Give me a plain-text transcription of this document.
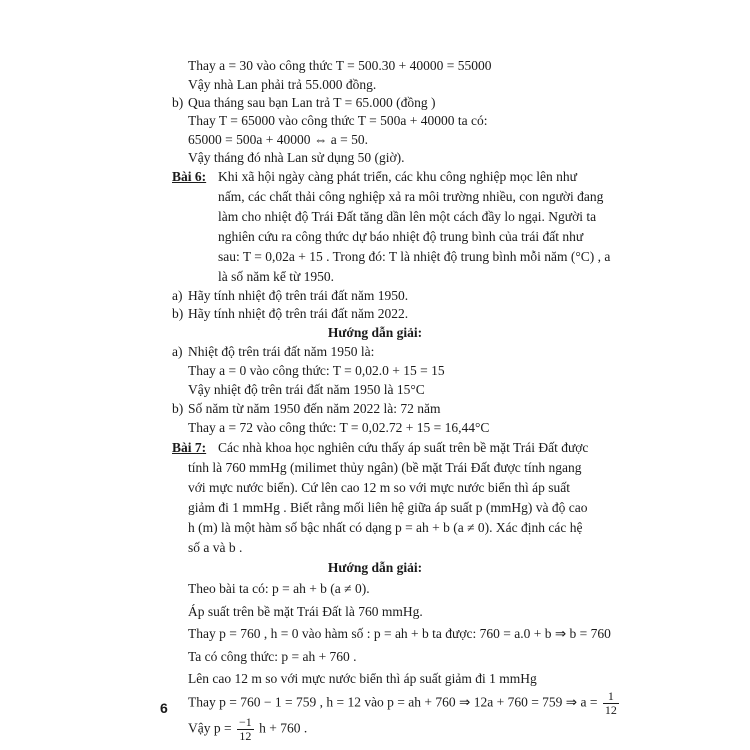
Thay a = 30 vào công thức T = 500.30 + 40000 = 55000
Vậy nhà Lan phải trả 55.000 đồng.
b) Qua tháng sau bạn Lan trả T = 65.000 (đồng )
Thay T = 65000 vào công thức T = 500a + 40000 ta có:
65000 = 500a + 40000 ⇔ a = 50.
Vậy tháng đó nhà Lan sử dụng 50 (giờ).
Bài 6: Khi xã hội ngày càng phát triển, các khu công nghiệp mọc lên như
nấm, các chất thải công nghiệp xả ra môi trường nhiều, con người đang
làm cho nhiệt độ Trái Đất tăng dần lên một cách đầy lo ngại. Người ta
nghiên cứu ra công thức dự báo nhiệt độ trung bình của trái đất như
sau: T = 0,02a + 15 . Trong đó: T là nhiệt độ trung bình mỗi năm (°C) , a
là số năm kể từ 1950.
a) Hãy tính nhiệt độ trên trái đất năm 1950.
b) Hãy tính nhiệt độ trên trái đất năm 2022.
Hướng dẫn giải:
a) Nhiệt độ trên trái đất năm 1950 là:
Thay a = 0 vào công thức: T = 0,02.0 + 15 = 15
Vậy nhiệt độ trên trái đất năm 1950 là 15°C
b) Số năm từ năm 1950 đến năm 2022 là: 72 năm
Thay a = 72 vào công thức: T = 0,02.72 + 15 = 16,44°C
Bài 7: Các nhà khoa học nghiên cứu thấy áp suất trên bề mặt Trái Đất được
tính là 760 mmHg (milimet thủy ngân) (bề mặt Trái Đất được tính ngang
với mực nước biển). Cứ lên cao 12 m so với mực nước biển thì áp suất
giảm đi 1 mmHg . Biết rằng mối liên hệ giữa áp suất p (mmHg) và độ cao
h (m) là một hàm số bậc nhất có dạng p = ah + b (a ≠ 0). Xác định các hệ
số a và b .
Hướng dẫn giải:
Theo bài ta có: p = ah + b (a ≠ 0).
Áp suất trên bề mặt Trái Đất là 760 mmHg.
Thay p = 760 , h = 0 vào hàm số : p = ah + b ta được: 760 = a.0 + b ⇒ b = 760
Ta có công thức: p = ah + 760 .
Lên cao 12 m so với mực nước biển thì áp suất giảm đi 1 mmHg
Thay p = 760 − 1 = 759 , h = 12 vào p = ah + 760 ⇒ 12a + 760 = 759 ⇒ $a = \frac{1}{12}$
Vậy $p = \frac{-1}{12}$ h + 760 .
6
